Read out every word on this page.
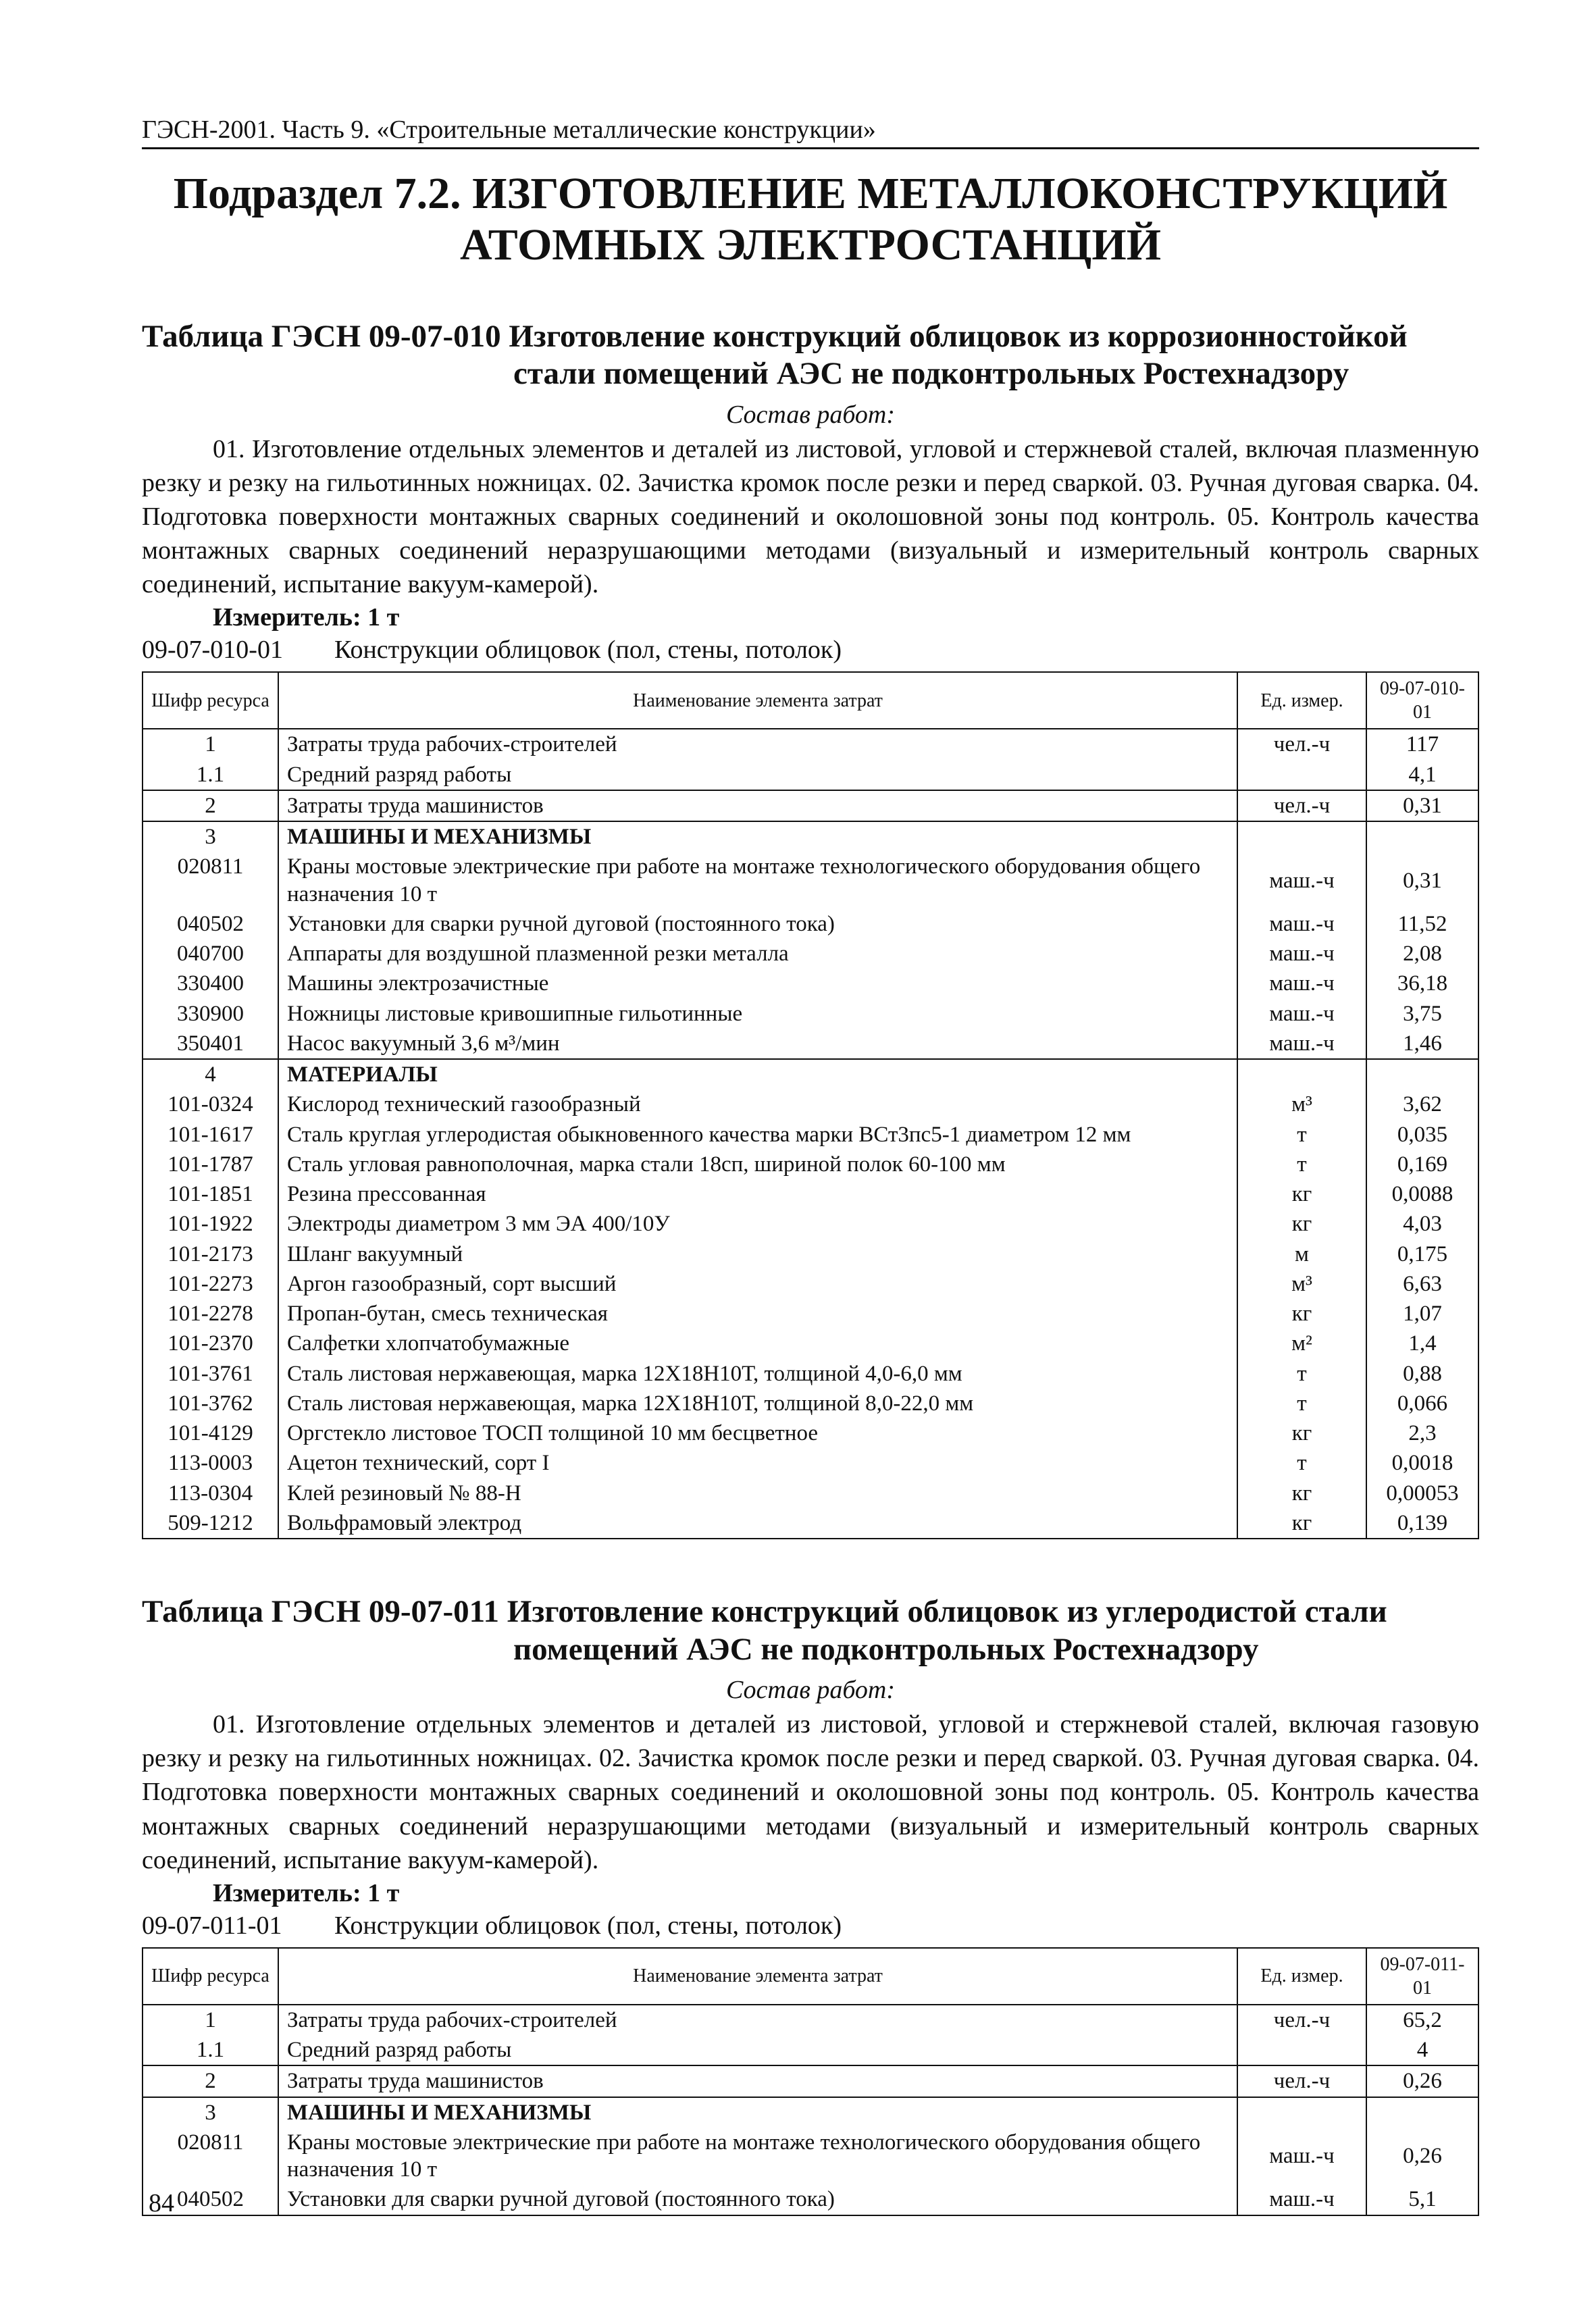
ГЭСН-2001. Часть 9. «Строительные металлические конструкции»
Подраздел 7.2. ИЗГОТОВЛЕНИЕ МЕТАЛЛОКОНСТРУКЦИЙ АТОМНЫХ ЭЛЕКТРОСТАНЦИЙ
Таблица ГЭСН 09-07-010 Изготовление конструкций облицовок из коррозионностойкой
стали помещений АЭС не подконтрольных Ростехнадзору
Состав работ:

01. Изготовление отдельных элементов и деталей из листовой, угловой и стержневой сталей, включая плазменную резку и резку на гильотинных ножницах. 02. Зачистка кромок после резки и перед сваркой. 03. Ручная дуговая сварка. 04. Подготовка поверхности монтажных сварных соединений и околошовной зоны под контроль. 05. Контроль качества монтажных сварных соединений неразрушающими методами (визуальный и измерительный контроль сварных соединений, испытание вакуум-камерой).

Измеритель: 1 т
09-07-010-01 Конструкции облицовок (пол, стены, потолок)
Шифр ресурса	Наименование элемента затрат	Ед. измер.	09-07-010-01
1	Затраты труда рабочих-строителей	чел.-ч	117
1.1	Средний разряд работы		4,1
2	Затраты труда машинистов	чел.-ч	0,31
3	МАШИНЫ И МЕХАНИЗМЫ		
020811	Краны мостовые электрические при работе на монтаже технологического оборудования общего назначения 10 т	маш.-ч	0,31
040502	Установки для сварки ручной дуговой (постоянного тока)	маш.-ч	11,52
040700	Аппараты для воздушной плазменной резки металла	маш.-ч	2,08
330400	Машины электрозачистные	маш.-ч	36,18
330900	Ножницы листовые кривошипные гильотинные	маш.-ч	3,75
350401	Насос вакуумный 3,6 м³/мин	маш.-ч	1,46
4	МАТЕРИАЛЫ		
101-0324	Кислород технический газообразный	м³	3,62
101-1617	Сталь круглая углеродистая обыкновенного качества марки ВСт3пс5-1 диаметром 12 мм	т	0,035
101-1787	Сталь угловая равнополочная, марка стали 18сп, шириной полок 60-100 мм	т	0,169
101-1851	Резина прессованная	кг	0,0088
101-1922	Электроды диаметром 3 мм ЭА 400/10У	кг	4,03
101-2173	Шланг вакуумный	м	0,175
101-2273	Аргон газообразный, сорт высший	м³	6,63
101-2278	Пропан-бутан, смесь техническая	кг	1,07
101-2370	Салфетки хлопчатобумажные	м²	1,4
101-3761	Сталь листовая нержавеющая, марка 12Х18Н10Т, толщиной 4,0-6,0 мм	т	0,88
101-3762	Сталь листовая нержавеющая, марка 12Х18Н10Т, толщиной 8,0-22,0 мм	т	0,066
101-4129	Оргстекло листовое ТОСП толщиной 10 мм бесцветное	кг	2,3
113-0003	Ацетон технический, сорт I	т	0,0018
113-0304	Клей резиновый № 88-Н	кг	0,00053
509-1212	Вольфрамовый электрод	кг	0,139
Таблица ГЭСН 09-07-011 Изготовление конструкций облицовок из углеродистой стали
помещений АЭС не подконтрольных Ростехнадзору
Состав работ:

01. Изготовление отдельных элементов и деталей из листовой, угловой и стержневой сталей, включая газовую резку и резку на гильотинных ножницах. 02. Зачистка кромок после резки и перед сваркой. 03. Ручная дуговая сварка. 04. Подготовка поверхности монтажных сварных соединений и околошовной зоны под контроль. 05. Контроль качества монтажных сварных соединений неразрушающими методами (визуальный и измерительный контроль сварных соединений, испытание вакуум-камерой).

Измеритель: 1 т
09-07-011-01 Конструкции облицовок (пол, стены, потолок)
Шифр ресурса	Наименование элемента затрат	Ед. измер.	09-07-011-01
1	Затраты труда рабочих-строителей	чел.-ч	65,2
1.1	Средний разряд работы		4
2	Затраты труда машинистов	чел.-ч	0,26
3	МАШИНЫ И МЕХАНИЗМЫ		
020811	Краны мостовые электрические при работе на монтаже технологического оборудования общего назначения 10 т	маш.-ч	0,26
040502	Установки для сварки ручной дуговой (постоянного тока)	маш.-ч	5,1
84
